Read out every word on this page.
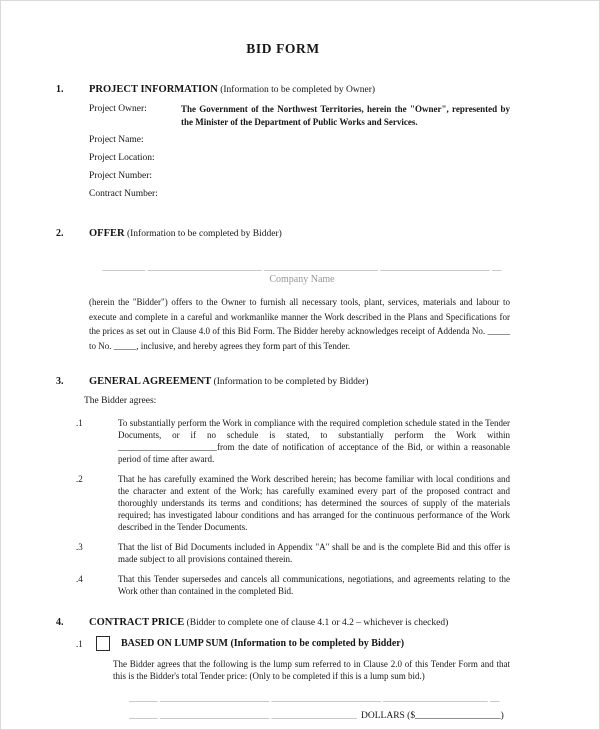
BID FORM
1.	PROJECT INFORMATION (Information to be completed by Owner)
Project Owner:	The Government of the Northwest Territories, herein the "Owner", represented by the Minister of the Department of Public Works and Services.
Project Name:
Project Location:
Project Number:
Contract Number:
2.	OFFER (Information to be completed by Bidder)
_________ ________________________ ________________________ _______________________ __
Company Name

(herein the "Bidder") offers to the Owner to furnish all necessary tools, plant, services, materials and labour to execute and complete in a careful and workmanlike manner the Work described in the Plans and Specifications for the prices as set out in Clause 4.0 of this Bid Form. The Bidder hereby acknowledges receipt of Addenda No. _____ to No. _____, inclusive, and hereby agrees they form part of this Tender.

3.	GENERAL AGREEMENT (Information to be completed by Bidder)

The Bidder agrees:

.1	To substantially perform the Work in compliance with the required completion schedule stated in the Tender Documents, or if no schedule is stated, to substantially perform the Work within ______________________from the date of notification of acceptance of the Bid, or within a reasonable period of time after award.

.2	That he has carefully examined the Work described herein; has become familiar with local conditions and the character and extent of the Work; has carefully examined every part of the proposed contract and thoroughly understands its terms and conditions; has determined the sources of supply of the materials required; has investigated labour conditions and has arranged for the continuous performance of the Work described in the Tender Documents.

.3	That the list of Bid Documents included in Appendix "A" shall be and is the complete Bid and this offer is made subject to all provisions contained therein.

.4	That this Tender supersedes and cancels all communications, negotiations, and agreements relating to the Work other than contained in the completed Bid.

4.	CONTRACT PRICE (Bidder to complete one of clause 4.1 or 4.2 – whichever is checked)
.1	BASED ON LUMP SUM (Information to be completed by Bidder)

The Bidder agrees that the following is the lump sum referred to in Clause 2.0 of this Tender Form and that this is the Bidder's total Tender price: (Only to be completed if this is a lump sum bid.)

______ _______________________ _______________________ ______________________ __
______ _______________________ __________________ DOLLARS ($__________________)
